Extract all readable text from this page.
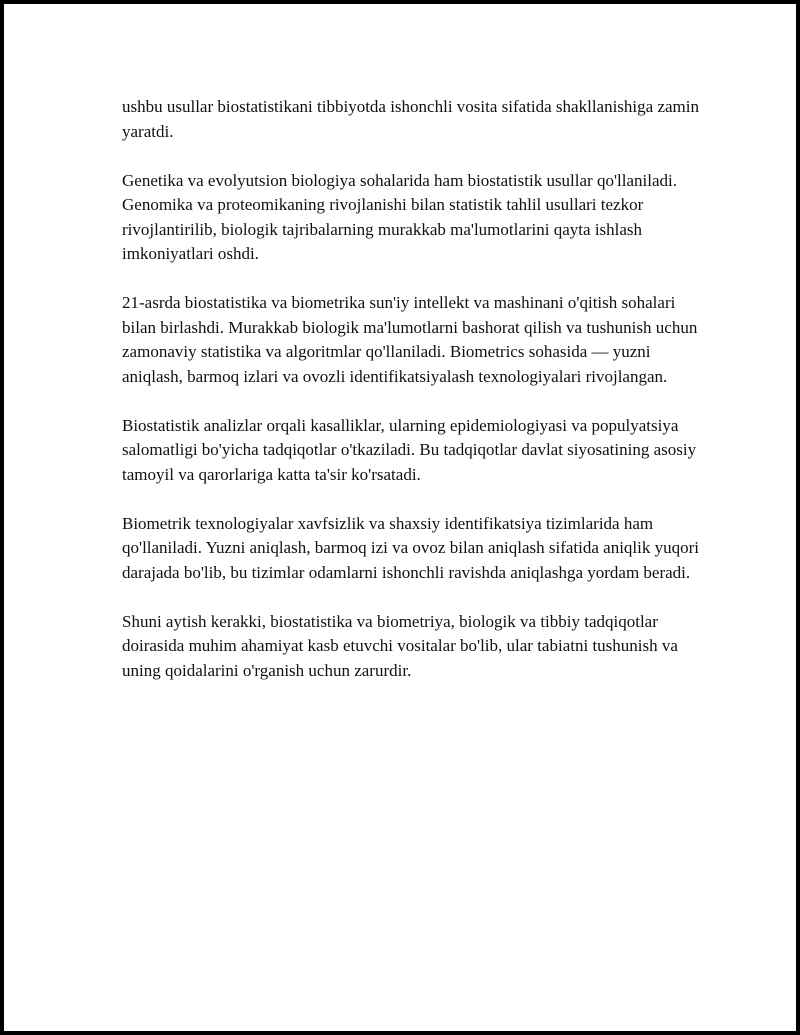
ushbu usullar biostatistikani tibbiyotda ishonchli vosita sifatida shakllanishiga zamin yaratdi.

Genetika va evolyutsion biologiya sohalarida ham biostatistik usullar qo'llaniladi. Genomika va proteomikaning rivojlanishi bilan statistik tahlil usullari tezkor rivojlantirilib, biologik tajribalarning murakkab ma'lumotlarini qayta ishlash imkoniyatlari oshdi.

21-asrda biostatistika va biometrika sun'iy intellekt va mashinani o'qitish sohalari bilan birlashdi. Murakkab biologik ma'lumotlarni bashorat qilish va tushunish uchun zamonaviy statistika va algoritmlar qo'llaniladi. Biometrics sohasida — yuzni aniqlash, barmoq izlari va ovozli identifikatsiyalash texnologiyalari rivojlangan.

Biostatistik analizlar orqali kasalliklar, ularning epidemiologiyasi va populyatsiya salomatligi bo'yicha tadqiqotlar o'tkaziladi. Bu tadqiqotlar davlat siyosatining asosiy tamoyil va qarorlariga katta ta'sir ko'rsatadi.

Biometrik texnologiyalar xavfsizlik va shaxsiy identifikatsiya tizimlarida ham qo'llaniladi. Yuzni aniqlash, barmoq izi va ovoz bilan aniqlash sifatida aniqlik yuqori darajada bo'lib, bu tizimlar odamlarni ishonchli ravishda aniqlashga yordam beradi.

Shuni aytish kerakki, biostatistika va biometriya, biologik va tibbiy tadqiqotlar doirasida muhim ahamiyat kasb etuvchi vositalar bo'lib, ular tabiatni tushunish va uning qoidalarini o'rganish uchun zarurdir.
